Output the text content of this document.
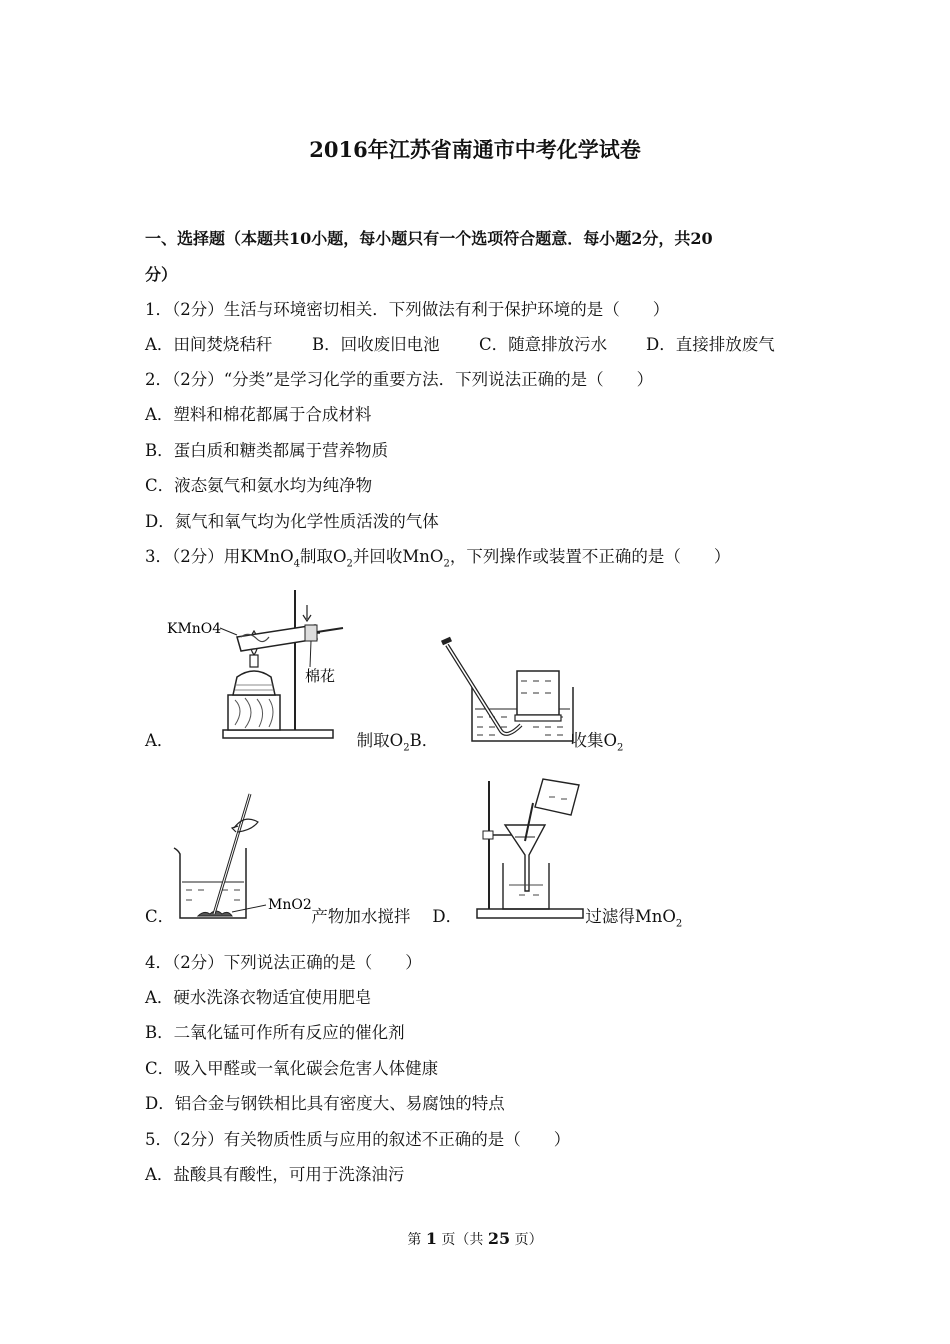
2016年江苏省南通市中考化学试卷
一、选择题（本题共10小题，每小题只有一个选项符合题意．每小题2分，共20
分）
1．（2分）生活与环境密切相关．下列做法有利于保护环境的是（　　）
A．田间焚烧秸秆 B．回收废旧电池 C．随意排放污水 D．直接排放废气
2．（2分）“分类”是学习化学的重要方法．下列说法正确的是（　　）
A．塑料和棉花都属于合成材料
B．蛋白质和糖类都属于营养物质
C．液态氨气和氨水均为纯净物
D．氮气和氧气均为化学性质活泼的气体
3．（2分）用KMnO$_4$制取$O_2$并回收MnO$_2$，下列操作或装置不正确的是（　　）
KMnO4
棉花
A．	制取$O_2B$．	收集$O_2$
MnO2
C．	产物加水搅拌 D．	过滤得MnO$_2$
4．（2分）下列说法正确的是（　　）
A．硬水洗涤衣物适宜使用肥皂
B．二氧化锰可作所有反应的催化剂
C．吸入甲醛或一氧化碳会危害人体健康
D．铝合金与钢铁相比具有密度大、易腐蚀的特点
5．（2分）有关物质性质与应用的叙述不正确的是（　　）
A．盐酸具有酸性，可用于洗涤油污
第 1 页（共 25 页）
